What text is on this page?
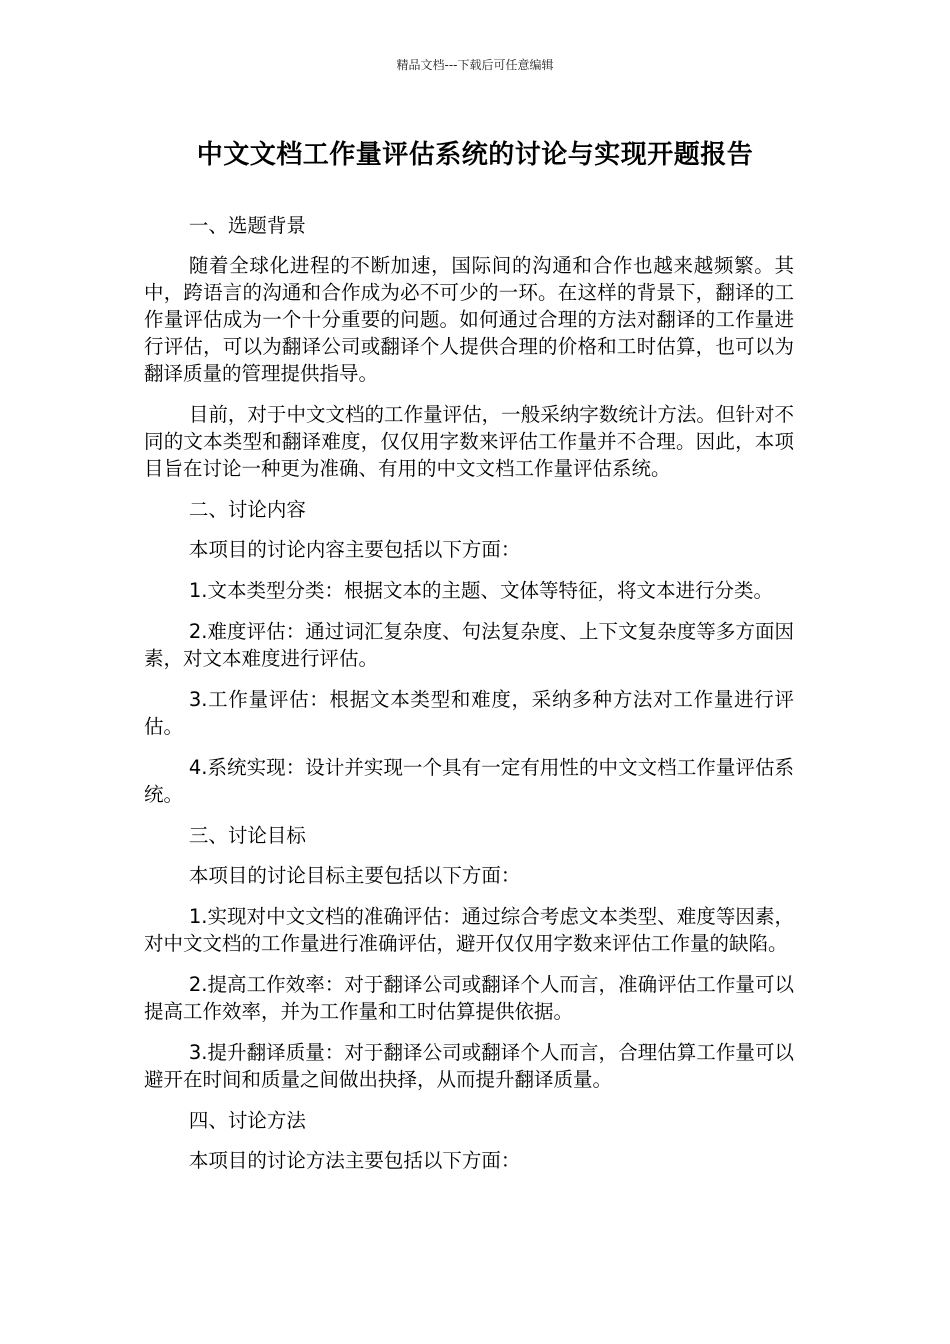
精品文档---下载后可任意编辑
中文文档工作量评估系统的讨论与实现开题报告

一、选题背景

随着全球化进程的不断加速，国际间的沟通和合作也越来越频繁。其中，跨语言的沟通和合作成为必不可少的一环。在这样的背景下，翻译的工作量评估成为一个十分重要的问题。如何通过合理的方法对翻译的工作量进行评估，可以为翻译公司或翻译个人提供合理的价格和工时估算，也可以为翻译质量的管理提供指导。

目前，对于中文文档的工作量评估，一般采纳字数统计方法。但针对不同的文本类型和翻译难度，仅仅用字数来评估工作量并不合理。因此，本项目旨在讨论一种更为准确、有用的中文文档工作量评估系统。

二、讨论内容

本项目的讨论内容主要包括以下方面：

1.文本类型分类：根据文本的主题、文体等特征，将文本进行分类。

2.难度评估：通过词汇复杂度、句法复杂度、上下文复杂度等多方面因素，对文本难度进行评估。

3.工作量评估：根据文本类型和难度，采纳多种方法对工作量进行评估。

4.系统实现：设计并实现一个具有一定有用性的中文文档工作量评估系统。

三、讨论目标

本项目的讨论目标主要包括以下方面：

1.实现对中文文档的准确评估：通过综合考虑文本类型、难度等因素，对中文文档的工作量进行准确评估，避开仅仅用字数来评估工作量的缺陷。

2.提高工作效率：对于翻译公司或翻译个人而言，准确评估工作量可以提高工作效率，并为工作量和工时估算提供依据。

3.提升翻译质量：对于翻译公司或翻译个人而言，合理估算工作量可以避开在时间和质量之间做出抉择，从而提升翻译质量。

四、讨论方法

本项目的讨论方法主要包括以下方面：
